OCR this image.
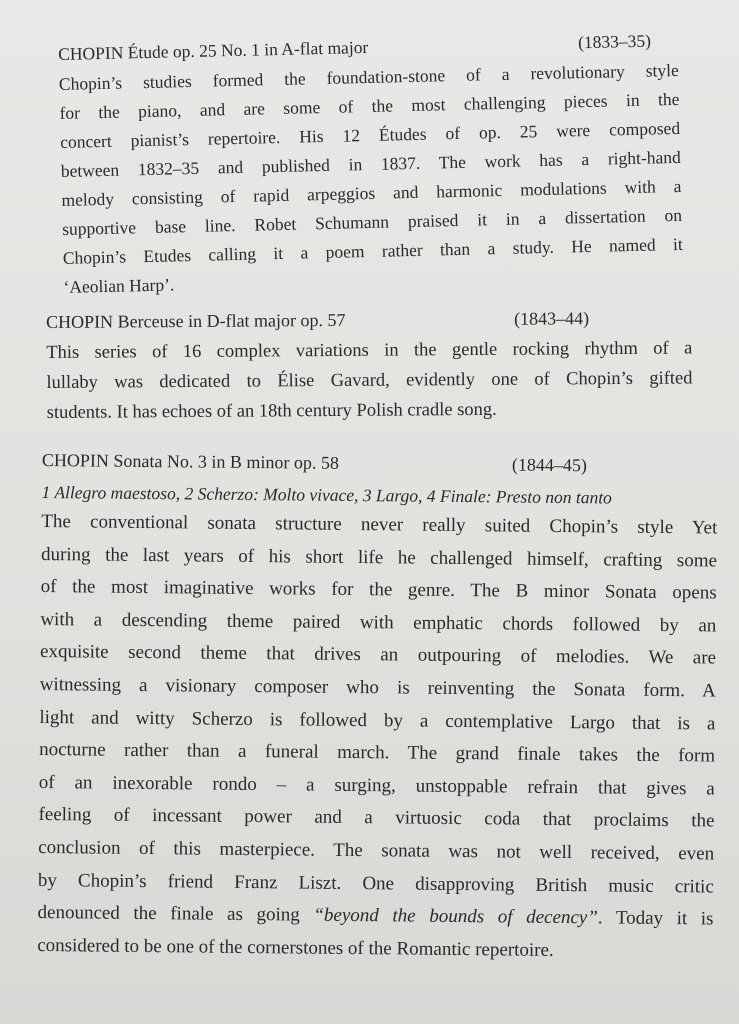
CHOPIN Étude op. 25 No. 1 in A-flat major	(1833–35)
Chopin’s studies formed the foundation-stone of a revolutionary style
for the piano, and are some of the most challenging pieces in the
concert pianist’s repertoire. His 12 Études of op. 25 were composed
between 1832–35 and published in 1837. The work has a right-hand
melody consisting of rapid arpeggios and harmonic modulations with a
supportive base line. Robet Schumann praised it in a dissertation on
Chopin’s Etudes calling it a poem rather than a study. He named it
‘Aeolian Harp’.
CHOPIN Berceuse in D-flat major op. 57	(1843–44)
This series of 16 complex variations in the gentle rocking rhythm of a
lullaby was dedicated to Élise Gavard, evidently one of Chopin’s gifted
students. It has echoes of an 18th century Polish cradle song.
CHOPIN Sonata No. 3 in B minor op. 58	(1844–45)
1 Allegro maestoso, 2 Scherzo: Molto vivace, 3 Largo, 4 Finale: Presto non tanto
The conventional sonata structure never really suited Chopin’s style Yet
during the last years of his short life he challenged himself, crafting some
of the most imaginative works for the genre. The B minor Sonata opens
with a descending theme paired with emphatic chords followed by an
exquisite second theme that drives an outpouring of melodies. We are
witnessing a visionary composer who is reinventing the Sonata form. A
light and witty Scherzo is followed by a contemplative Largo that is a
nocturne rather than a funeral march. The grand finale takes the form
of an inexorable rondo – a surging, unstoppable refrain that gives a
feeling of incessant power and a virtuosic coda that proclaims the
conclusion of this masterpiece. The sonata was not well received, even
by Chopin’s friend Franz Liszt. One disapproving British music critic
denounced the finale as going “beyond the bounds of decency”. Today it is
considered to be one of the cornerstones of the Romantic repertoire.
